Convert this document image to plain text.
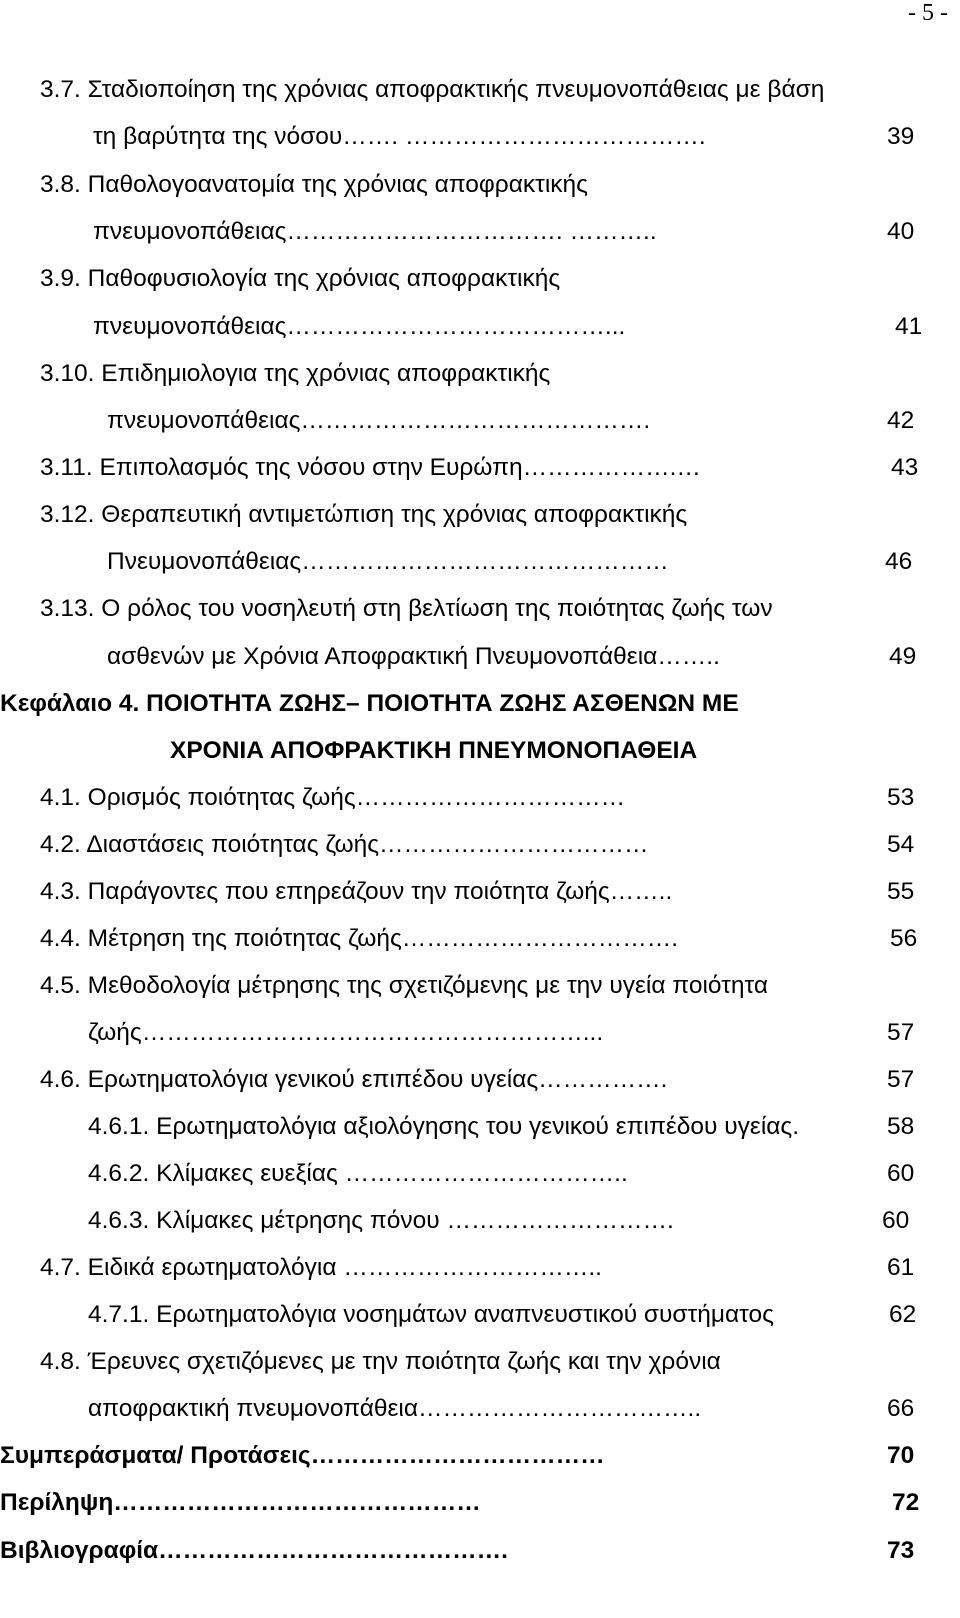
- 5 -
3.7. Σταδιοποίηση της χρόνιας αποφρακτικής πνευμονοπάθειας με βάση
τη βαρύτητα της νόσου……. ……………………………….	39
3.8. Παθολογοανατομία της χρόνιας αποφρακτικής
πνευμονοπάθειας……………………………. ………..	40
3.9. Παθοφυσιολογία της χρόνιας αποφρακτικής
πνευμονοπάθειας…………………………………...	41
3.10. Επιδημιολογια της χρόνιας αποφρακτικής
πνευμονοπάθειας…………………………………….	42
3.11. Επιπολασμός της νόσου στην Ευρώπη……………….…	43
3.12. Θεραπευτική αντιμετώπιση της χρόνιας αποφρακτικής
Πνευμονοπάθειας………………………………………	46
3.13. Ο ρόλος του νοσηλευτή στη βελτίωση της ποιότητας ζωής των
ασθενών με Χρόνια Αποφρακτική Πνευμονοπάθεια……..	49
Κεφάλαιο 4. ΠΟΙΟΤΗΤΑ ΖΩΗΣ– ΠΟΙΟΤΗΤΑ ΖΩΗΣ ΑΣΘΕΝΩΝ ΜΕ
ΧΡΟΝΙΑ ΑΠΟΦΡΑΚΤΙΚΗ ΠΝΕΥΜΟΝΟΠΑΘΕΙΑ
4.1. Ορισμός ποιότητας ζωής……………………………	53
4.2. Διαστάσεις ποιότητας ζωής……………………………	54
4.3. Παράγοντες που επηρεάζουν την ποιότητα ζωής……..	55
4.4. Μέτρηση της ποιότητας ζωής…………………………….	56
4.5. Μεθοδολογία μέτρησης της σχετιζόμενης με την υγεία ποιότητα
ζωής………………………………………………...	57
4.6. Ερωτηματολόγια γενικού επιπέδου υγείας…………….	57
4.6.1. Ερωτηματολόγια αξιολόγησης του γενικού επιπέδου υγείας.	58
4.6.2. Κλίμακες ευεξίας ……………………………..	60
4.6.3. Κλίμακες μέτρησης πόνου ……………………….	60
4.7. Ειδικά ερωτηματολόγια …………………………..	61
4.7.1. Ερωτηματολόγια νοσημάτων αναπνευστικού συστήματος	62
4.8. Έρευνες σχετιζόμενες με την ποιότητα ζωής και την χρόνια
αποφρακτική πνευμονοπάθεια……………………………..	66
Συμπεράσματα/ Προτάσεις………………………………	70
Περίληψη………………………………………	72
Βιβλιογραφία…………………………………….	73
